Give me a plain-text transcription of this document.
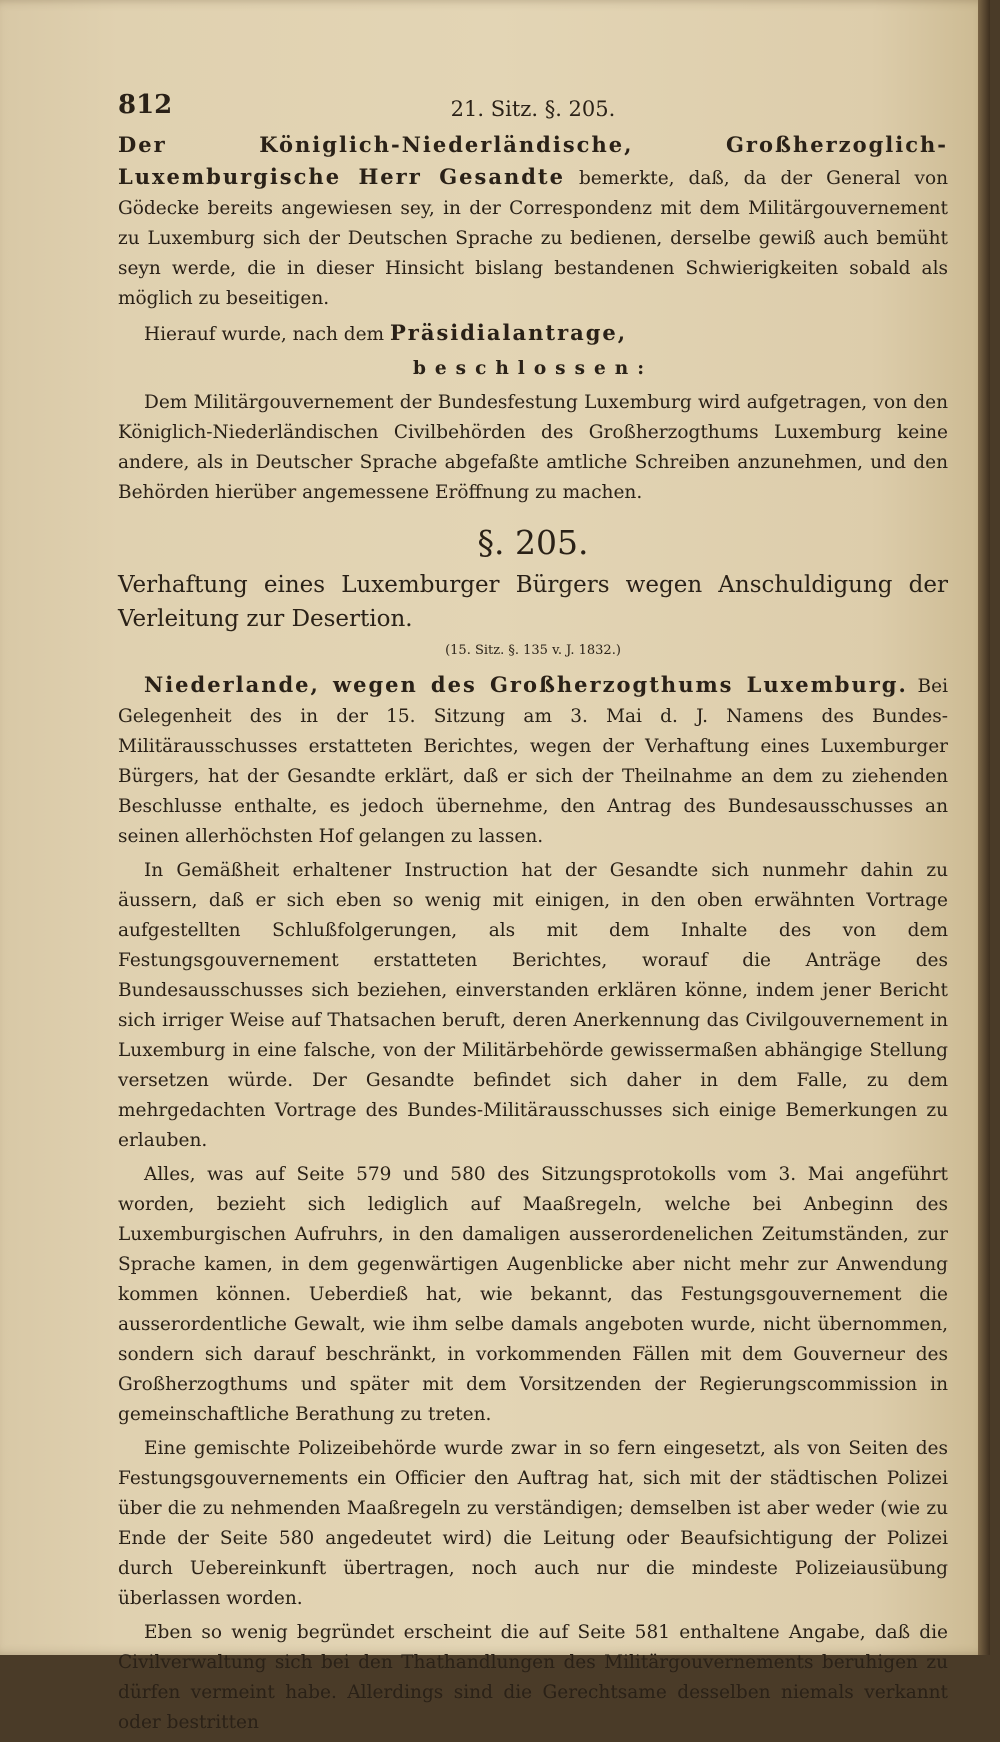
812	21. Sitz. §. 205.

Der Königlich-Niederländische, Großherzoglich-Luxemburgische Herr Gesandte bemerkte, daß, da der General von Gödecke bereits angewiesen sey, in der Correspondenz mit dem Militärgouvernement zu Luxemburg sich der Deutschen Sprache zu bedienen, derselbe gewiß auch bemüht seyn werde, die in dieser Hinsicht bislang bestandenen Schwierigkeiten sobald als möglich zu beseitigen.

Hierauf wurde, nach dem Präsidialantrage,

beschlossen:

Dem Militärgouvernement der Bundesfestung Luxemburg wird aufgetragen, von den Königlich-Niederländischen Civilbehörden des Großherzogthums Luxemburg keine andere, als in Deutscher Sprache abgefaßte amtliche Schreiben anzunehmen, und den Behörden hierüber angemessene Eröffnung zu machen.

§. 205.

Verhaftung eines Luxemburger Bürgers wegen Anschuldigung der Verleitung zur Desertion.

(15. Sitz. §. 135 v. J. 1832.)

Niederlande, wegen des Großherzogthums Luxemburg. Bei Gelegenheit des in der 15. Sitzung am 3. Mai d. J. Namens des Bundes-Militärausschusses erstatteten Berichtes, wegen der Verhaftung eines Luxemburger Bürgers, hat der Gesandte erklärt, daß er sich der Theilnahme an dem zu ziehenden Beschlusse enthalte, es jedoch übernehme, den Antrag des Bundesausschusses an seinen allerhöchsten Hof gelangen zu lassen.

In Gemäßheit erhaltener Instruction hat der Gesandte sich nunmehr dahin zu äussern, daß er sich eben so wenig mit einigen, in den oben erwähnten Vortrage aufgestellten Schlußfolgerungen, als mit dem Inhalte des von dem Festungsgouvernement erstatteten Berichtes, worauf die Anträge des Bundesausschusses sich beziehen, einverstanden erklären könne, indem jener Bericht sich irriger Weise auf Thatsachen beruft, deren Anerkennung das Civilgouvernement in Luxemburg in eine falsche, von der Militärbehörde gewissermaßen abhängige Stellung versetzen würde. Der Gesandte befindet sich daher in dem Falle, zu dem mehrgedachten Vortrage des Bundes-Militärausschusses sich einige Bemerkungen zu erlauben.

Alles, was auf Seite 579 und 580 des Sitzungsprotokolls vom 3. Mai angeführt worden, bezieht sich lediglich auf Maaßregeln, welche bei Anbeginn des Luxemburgischen Aufruhrs, in den damaligen ausserordenelichen Zeitumständen, zur Sprache kamen, in dem gegenwärtigen Augenblicke aber nicht mehr zur Anwendung kommen können. Ueberdieß hat, wie bekannt, das Festungsgouvernement die ausserordentliche Gewalt, wie ihm selbe damals angeboten wurde, nicht übernommen, sondern sich darauf beschränkt, in vorkommenden Fällen mit dem Gouverneur des Großherzogthums und später mit dem Vorsitzenden der Regierungscommission in gemeinschaftliche Berathung zu treten.

Eine gemischte Polizeibehörde wurde zwar in so fern eingesetzt, als von Seiten des Festungsgouvernements ein Officier den Auftrag hat, sich mit der städtischen Polizei über die zu nehmenden Maaßregeln zu verständigen; demselben ist aber weder (wie zu Ende der Seite 580 angedeutet wird) die Leitung oder Beaufsichtigung der Polizei durch Uebereinkunft übertragen, noch auch nur die mindeste Polizeiausübung überlassen worden.

Eben so wenig begründet erscheint die auf Seite 581 enthaltene Angabe, daß die Civilverwaltung sich bei den Thathandlungen des Militärgouvernements beruhigen zu dürfen vermeint habe. Allerdings sind die Gerechtsame desselben niemals verkannt oder bestritten
